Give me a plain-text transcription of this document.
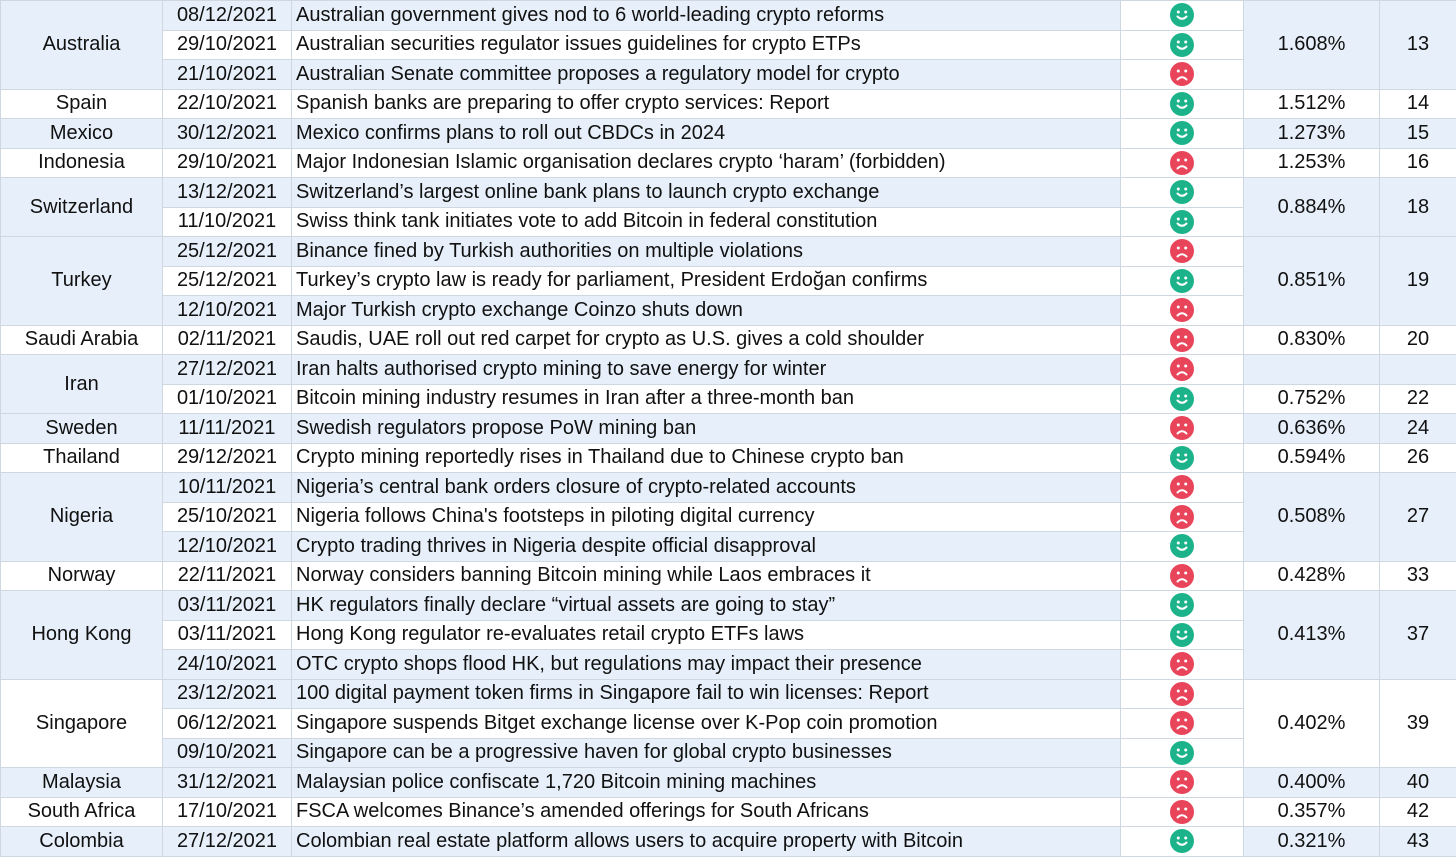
Australia	08/12/2021	Australian government gives nod to 6 world-leading crypto reforms		1.608%	13
	29/10/2021	Australian securities regulator issues guidelines for crypto ETPs	

	21/10/2021	Australian Senate committee proposes a regulatory model for crypto	

Spain	22/10/2021	Spanish banks are preparing to offer crypto services: Report		1.512%	14
Mexico	30/12/2021	Mexico confirms plans to roll out CBDCs in 2024		1.273%	15
Indonesia	29/10/2021	Major Indonesian Islamic organisation declares crypto ‘haram’ (forbidden)		1.253%	16
Switzerland	13/12/2021	Switzerland’s largest online bank plans to launch crypto exchange		0.884%	18
	11/10/2021	Swiss think tank initiates vote to add Bitcoin in federal constitution	

Turkey	25/12/2021	Binance fined by Turkish authorities on multiple violations		0.851%	19
	25/12/2021	Turkey’s crypto law is ready for parliament, President Erdoğan confirms	

	12/10/2021	Major Turkish crypto exchange Coinzo shuts down	

Saudi Arabia	02/11/2021	Saudis, UAE roll out red carpet for crypto as U.S. gives a cold shoulder		0.830%	20
Iran	27/12/2021	Iran halts authorised crypto mining to save energy for winter	

	01/10/2021	Bitcoin mining industry resumes in Iran after a three-month ban		0.752%	22
Sweden	11/11/2021	Swedish regulators propose PoW mining ban		0.636%	24
Thailand	29/12/2021	Crypto mining reportedly rises in Thailand due to Chinese crypto ban		0.594%	26
Nigeria	10/11/2021	Nigeria’s central bank orders closure of crypto-related accounts		0.508%	27
	25/10/2021	Nigeria follows China's footsteps in piloting digital currency	

	12/10/2021	Crypto trading thrives in Nigeria despite official disapproval	

Norway	22/11/2021	Norway considers banning Bitcoin mining while Laos embraces it		0.428%	33
Hong Kong	03/11/2021	HK regulators finally declare “virtual assets are going to stay”		0.413%	37
	03/11/2021	Hong Kong regulator re-evaluates retail crypto ETFs laws	

	24/10/2021	OTC crypto shops flood HK, but regulations may impact their presence	

Singapore	23/12/2021	100 digital payment token firms in Singapore fail to win licenses: Report		0.402%	39
	06/12/2021	Singapore suspends Bitget exchange license over K-Pop coin promotion	

	09/10/2021	Singapore can be a progressive haven for global crypto businesses	

Malaysia	31/12/2021	Malaysian police confiscate 1,720 Bitcoin mining machines		0.400%	40
South Africa	17/10/2021	FSCA welcomes Binance’s amended offerings for South Africans		0.357%	42
Colombia	27/12/2021	Colombian real estate platform allows users to acquire property with Bitcoin		0.321%	43
